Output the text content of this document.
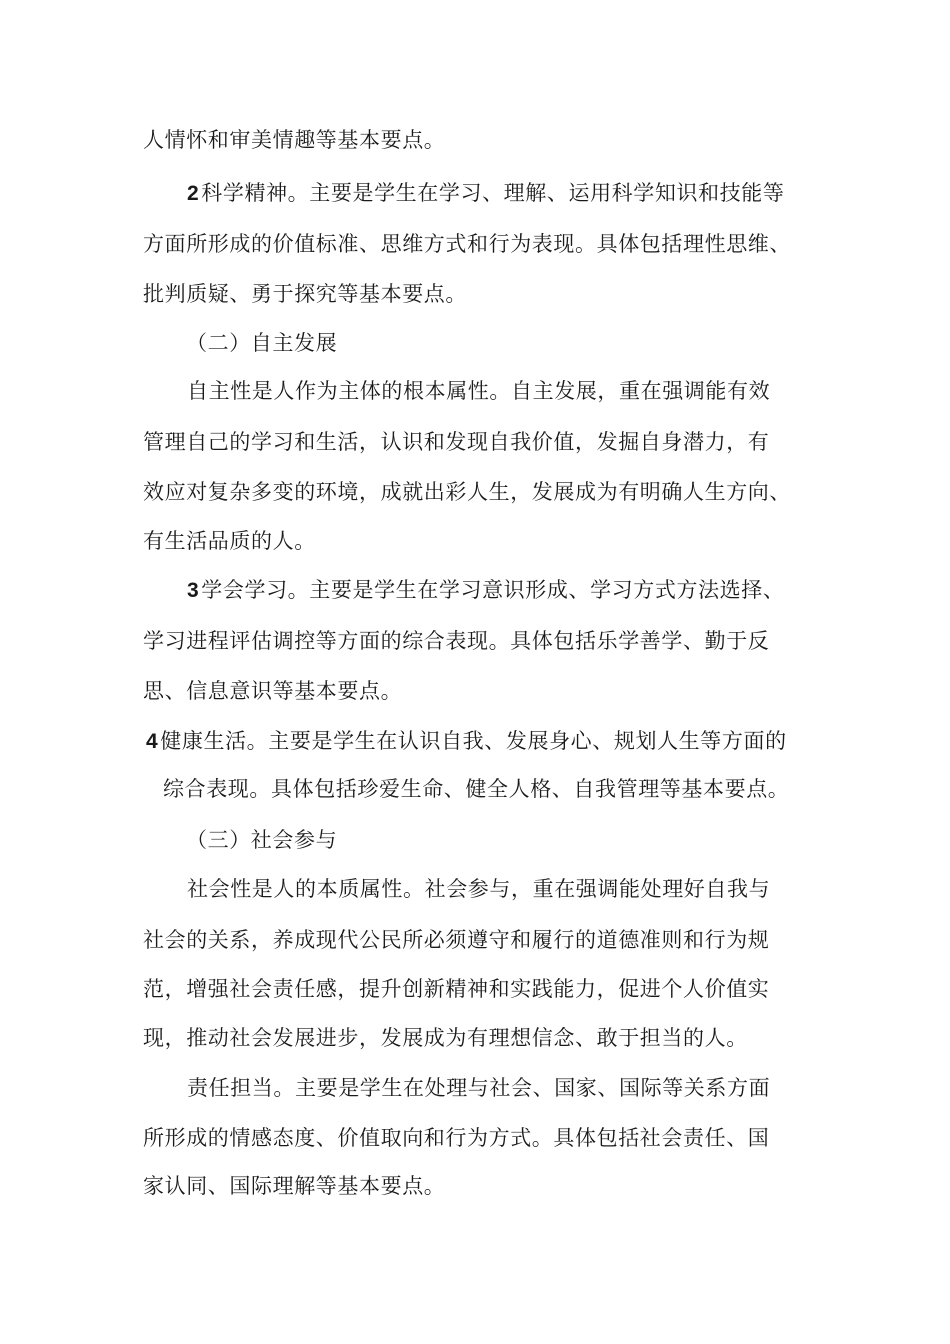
人情怀和审美情趣等基本要点。
2科学精神。主要是学生在学习、理解、运用科学知识和技能等
方面所形成的价值标准、思维方式和行为表现。具体包括理性思维、
批判质疑、勇于探究等基本要点。
（二）自主发展
自主性是人作为主体的根本属性。自主发展，重在强调能有效
管理自己的学习和生活，认识和发现自我价值，发掘自身潜力，有
效应对复杂多变的环境，成就出彩人生，发展成为有明确人生方向、
有生活品质的人。
3学会学习。主要是学生在学习意识形成、学习方式方法选择、
学习进程评估调控等方面的综合表现。具体包括乐学善学、勤于反
思、信息意识等基本要点。
4健康生活。主要是学生在认识自我、发展身心、规划人生等方面的
综合表现。具体包括珍爱生命、健全人格、自我管理等基本要点。
（三）社会参与
社会性是人的本质属性。社会参与，重在强调能处理好自我与
社会的关系，养成现代公民所必须遵守和履行的道德准则和行为规
范，增强社会责任感，提升创新精神和实践能力，促进个人价值实
现，推动社会发展进步，发展成为有理想信念、敢于担当的人。
责任担当。主要是学生在处理与社会、国家、国际等关系方面
所形成的情感态度、价值取向和行为方式。具体包括社会责任、国
家认同、国际理解等基本要点。
